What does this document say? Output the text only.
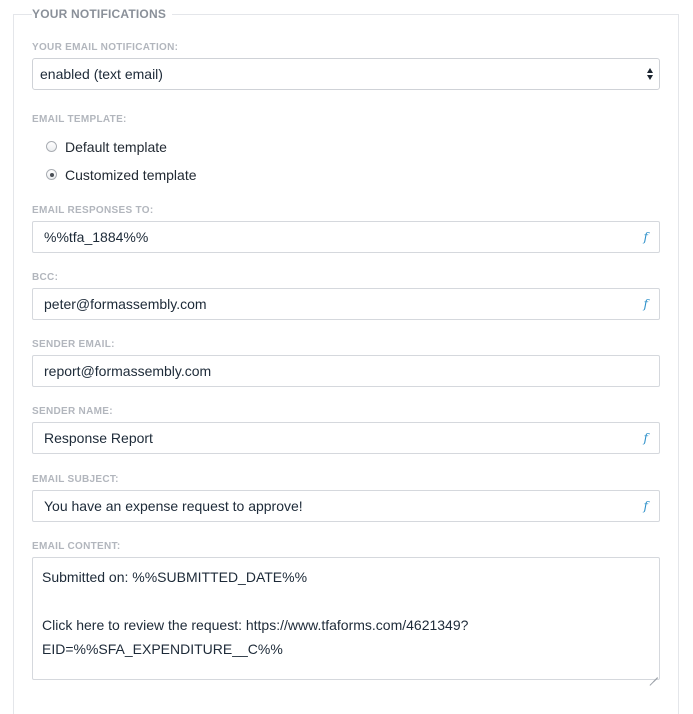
YOUR NOTIFICATIONS
YOUR EMAIL NOTIFICATION:
enabled (text email)
EMAIL TEMPLATE:
Default template
Customized template
EMAIL RESPONSES TO:
%%tfa_1884%%	f
BCC:
peter@formassembly.com	f
SENDER EMAIL:
report@formassembly.com
SENDER NAME:
Response Report	f
EMAIL SUBJECT:
You have an expense request to approve!	f
EMAIL CONTENT:
Submitted on: %%SUBMITTED_DATE%%
Click here to review the request: https://www.tfaforms.com/4621349?
EID=%%SFA_EXPENDITURE__C%%
